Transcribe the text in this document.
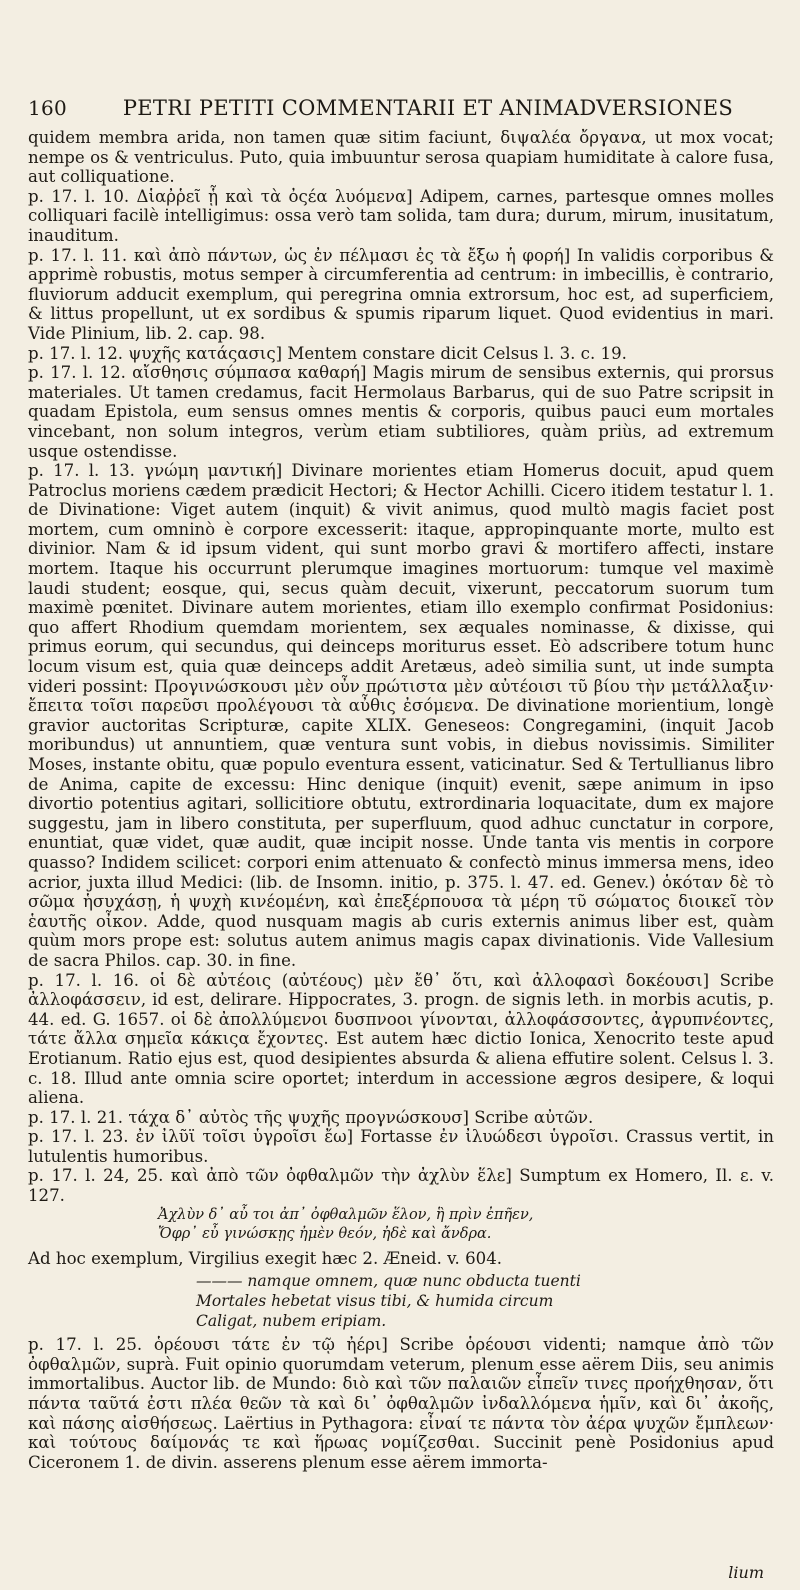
160	PETRI PETITI COMMENTARII ET ANIMADVERSIONES

quidem membra arida, non tamen quæ sitim faciunt, διψαλέα ὄργανα, ut mox vocat; nempe os & ventriculus. Puto, quia imbuuntur serosa quapiam humiditate à calore fusa, aut colliquatione.

p. 17. l. 10. Δἱαῤῥεῖ ᾗ καὶ τὰ ὀςέα λυόμενα] Adipem, carnes, partesque omnes molles colliquari facilè intelligimus: ossa verò tam solida, tam dura; durum, mirum, inusitatum, inauditum.

p. 17. l. 11. καὶ ἀπὸ πάντων, ὡς ἐν πέλμασι ἐς τὰ ἔξω ἡ φορή] In validis corporibus & apprimè robustis, motus semper à circumferentia ad centrum: in imbecillis, è contrario, fluviorum adducit exemplum, qui peregrina omnia extrorsum, hoc est, ad superficiem, & littus propellunt, ut ex sordibus & spumis riparum liquet. Quod evidentius in mari. Vide Plinium, lib. 2. cap. 98.

p. 17. l. 12. ψυχῆς κατάςασις] Mentem constare dicit Celsus l. 3. c. 19.

p. 17. l. 12. αἴσθησις σύμπασα καθαρή] Magis mirum de sensibus externis, qui prorsus materiales. Ut tamen credamus, facit Hermolaus Barbarus, qui de suo Patre scripsit in quadam Epistola, eum sensus omnes mentis & corporis, quibus pauci eum mortales vincebant, non solum integros, verùm etiam subtiliores, quàm priùs, ad extremum usque ostendisse.

p. 17. l. 13. γνώμη μαντική] Divinare morientes etiam Homerus docuit, apud quem Patroclus moriens cædem prædicit Hectori; & Hector Achilli. Cicero itidem testatur l. 1. de Divinatione: Viget autem (inquit) & vivit animus, quod multò magis faciet post mortem, cum omninò è corpore excesserit: itaque, appropinquante morte, multo est divinior. Nam & id ipsum vident, qui sunt morbo gravi & mortifero affecti, instare mortem. Itaque his occurrunt plerumque imagines mortuorum: tumque vel maximè laudi student; eosque, qui, secus quàm decuit, vixerunt, peccatorum suorum tum maximè pœnitet. Divinare autem morientes, etiam illo exemplo confirmat Posidonius: quo affert Rhodium quemdam morientem, sex æquales nominasse, & dixisse, qui primus eorum, qui secundus, qui deinceps moriturus esset. Eò adscribere totum hunc locum visum est, quia quæ deinceps addit Aretæus, adeò similia sunt, ut inde sumpta videri possint: Προγινώσκουσι μὲν οὖν πρώτιστα μὲν αὐτέοισι τῦ βίου τὴν μετάλλαξιν· ἔπειτα τοῖσι παρεῦσι προλέγουσι τὰ αὖθις ἐσόμενα. De divinatione morientium, longè gravior auctoritas Scripturæ, capite XLIX. Geneseos: Congregamini, (inquit Jacob moribundus) ut annuntiem, quæ ventura sunt vobis, in diebus novissimis. Similiter Moses, instante obitu, quæ populo eventura essent, vaticinatur. Sed & Tertullianus libro de Anima, capite de excessu: Hinc denique (inquit) evenit, sæpe animum in ipso divortio potentius agitari, sollicitiore obtutu, extrordinaria loquacitate, dum ex majore suggestu, jam in libero constituta, per superfluum, quod adhuc cunctatur in corpore, enuntiat, quæ videt, quæ audit, quæ incipit nosse. Unde tanta vis mentis in corpore quasso? Indidem scilicet: corpori enim attenuato & confectò minus immersa mens, ideo acrior, juxta illud Medici: (lib. de Insomn. initio, p. 375. l. 47. ed. Genev.) ὁκόταν δὲ τὸ σῶμα ἡσυχάσῃ, ἡ ψυχὴ κινέομένη, καὶ ἐπεξέρπουσα τὰ μέρη τῦ σώματος διοικεῖ τὸν ἑαυτῆς οἶκον. Adde, quod nusquam magis ab curis externis animus liber est, quàm quùm mors prope est: solutus autem animus magis capax divinationis. Vide Vallesium de sacra Philos. cap. 30. in fine.

p. 17. l. 16. οἱ δὲ αὐτέοις (αὐτέους) μὲν ἔθ᾽ ὅτι, καὶ ἀλλοφασὶ δοκέουσι] Scribe ἀλλοφάσσειν, id est, delirare. Hippocrates, 3. progn. de signis leth. in morbis acutis, p. 44. ed. G. 1657. οἱ δὲ ἀπολλύμενοι δυσπνοοι γίνονται, ἀλλοφάσσοντες, ἀγρυπνέοντες, τάτε ἄλλα σημεῖα κάκιςα ἔχοντες. Est autem hæc dictio Ionica, Xenocrito teste apud Erotianum. Ratio ejus est, quod desipientes absurda & aliena effutire solent. Celsus l. 3. c. 18. Illud ante omnia scire oportet; interdum in accessione ægros desipere, & loqui aliena.

p. 17. l. 21. τάχα δ᾽ αὐτὸς τῆς ψυχῆς προγνώσκουσ] Scribe αὐτῶν.

p. 17. l. 23. ἐν ἰλῦϊ τοῖσι ὑγροῖσι ἔω] Fortasse ἐν ἰλυώδεσι ὑγροῖσι. Crassus vertit, in lutulentis humoribus.

p. 17. l. 24, 25. καὶ ἀπὸ τῶν ὀφθαλμῶν τὴν ἀχλὺν ἕλε] Sumptum ex Homero, Il. ε. v. 127.

Ἀχλὺν δ᾽ αὖ τοι ἀπ᾽ ὀφθαλμῶν ἕλον, ἣ πρὶν ἐπῆεν,
Ὄφρ᾽ εὖ γινώσκῃς ἠμὲν θεόν, ἠδὲ καὶ ἄνδρα.

Ad hoc exemplum, Virgilius exegit hæc 2. Æneid. v. 604.

——— namque omnem, quæ nunc obducta tuenti
Mortales hebetat visus tibi, & humida circum
Caligat, nubem eripiam.

p. 17. l. 25. ὁρέουσι τάτε ἐν τῷ ἠέρι] Scribe ὁρέουσι videnti; namque ἀπὸ τῶν ὀφθαλμῶν, suprà. Fuit opinio quorumdam veterum, plenum esse aërem Diis, seu animis immortalibus. Auctor lib. de Mundo: διὸ καὶ τῶν παλαιῶν εἶπεῖν τινες προήχθησαν, ὅτι πάντα ταῦτά ἐστι πλέα θεῶν τὰ καὶ δι᾽ ὀφθαλμῶν ἰνδαλλόμενα ἡμῖν, καὶ δι᾽ ἀκοῆς, καὶ πάσης αἰσθήσεως. Laërtius in Pythagora: εἶναί τε πάντα τὸν ἀέρα ψυχῶν ἔμπλεων· καὶ τούτους δαίμονάς τε καὶ ἥρωας νομίζεσθαι. Succinit penè Posidonius apud Ciceronem 1. de divin. asserens plenum esse aërem immorta-

lium
